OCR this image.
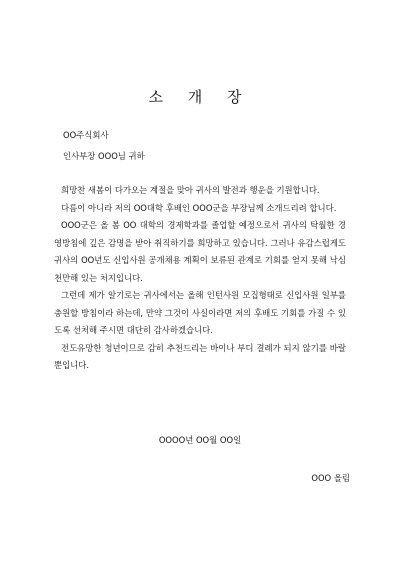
소 개 장
OO주식회사
인사부장 OOO님 귀하

희망찬 새봄이 다가오는 계절을 맞아 귀사의 발전과 행운을 기원합니다.

다름이 아니라 저의 OO대학 후배인 OOO군을 부장님께 소개드리려 합니다.

OOO군은 올 봄 OO 대학의 경제학과를 졸업할 예정으로서 귀사의 탁월한 경영방침에 깊은 감명을 받아 취직하기를 희망하고 있습니다. 그러나 유감스럽게도 귀사의 OO년도 신입사원 공개채용 계획이 보류된 관계로 기회를 얻지 못해 낙심천만해 있는 처지입니다.

그런데 제가 알기로는 귀사에서는 올해 인턴사원 모집형태로 신입사원 일부를 충원할 방침이라 하는데, 만약 그것이 사실이라면 저의 후배도 기회를 가질 수 있도록 선처해 주시면 대단히 감사하겠습니다.

전도유망한 청년이므로 감히 추천드리는 바이나 부디 결례가 되지 않기를 바랄 뿐입니다.

OOOO년 OO월 OO일
OOO 올림
